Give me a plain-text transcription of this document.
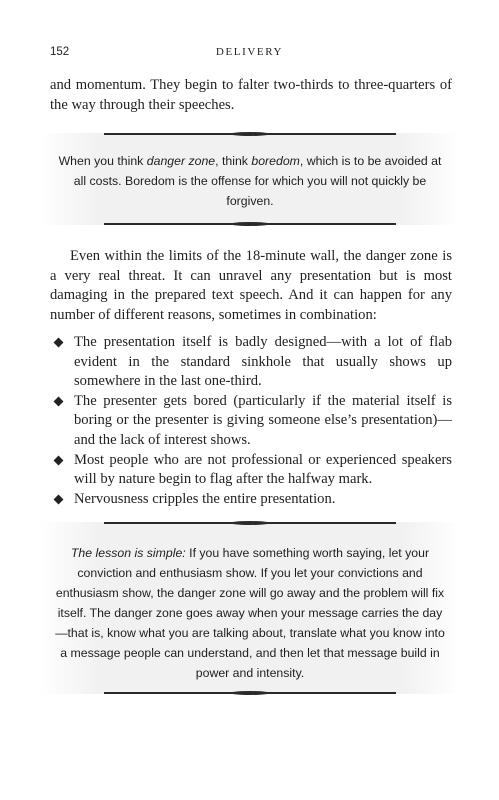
152	DELIVERY

and momentum. They begin to falter two-thirds to three-quarters of the way through their speeches.

When you think danger zone, think boredom, which is to be avoided at all costs. Boredom is the offense for which you will not quickly be forgiven.

Even within the limits of the 18-minute wall, the danger zone is a very real threat. It can unravel any presentation but is most damaging in the prepared text speech. And it can happen for any number of different reasons, sometimes in combination:

The presentation itself is badly designed—with a lot of flab evident in the standard sinkhole that usually shows up somewhere in the last one-third.
The presenter gets bored (particularly if the material itself is boring or the presenter is giving someone else’s presentation)—and the lack of interest shows.
Most people who are not professional or experienced speakers will by nature begin to flag after the halfway mark.
Nervousness cripples the entire presentation.
The lesson is simple: If you have something worth saying, let your conviction and enthusiasm show. If you let your convictions and enthusiasm show, the danger zone will go away and the problem will fix itself. The danger zone goes away when your message carries the day—that is, know what you are talking about, translate what you know into a message people can understand, and then let that message build in power and intensity.
